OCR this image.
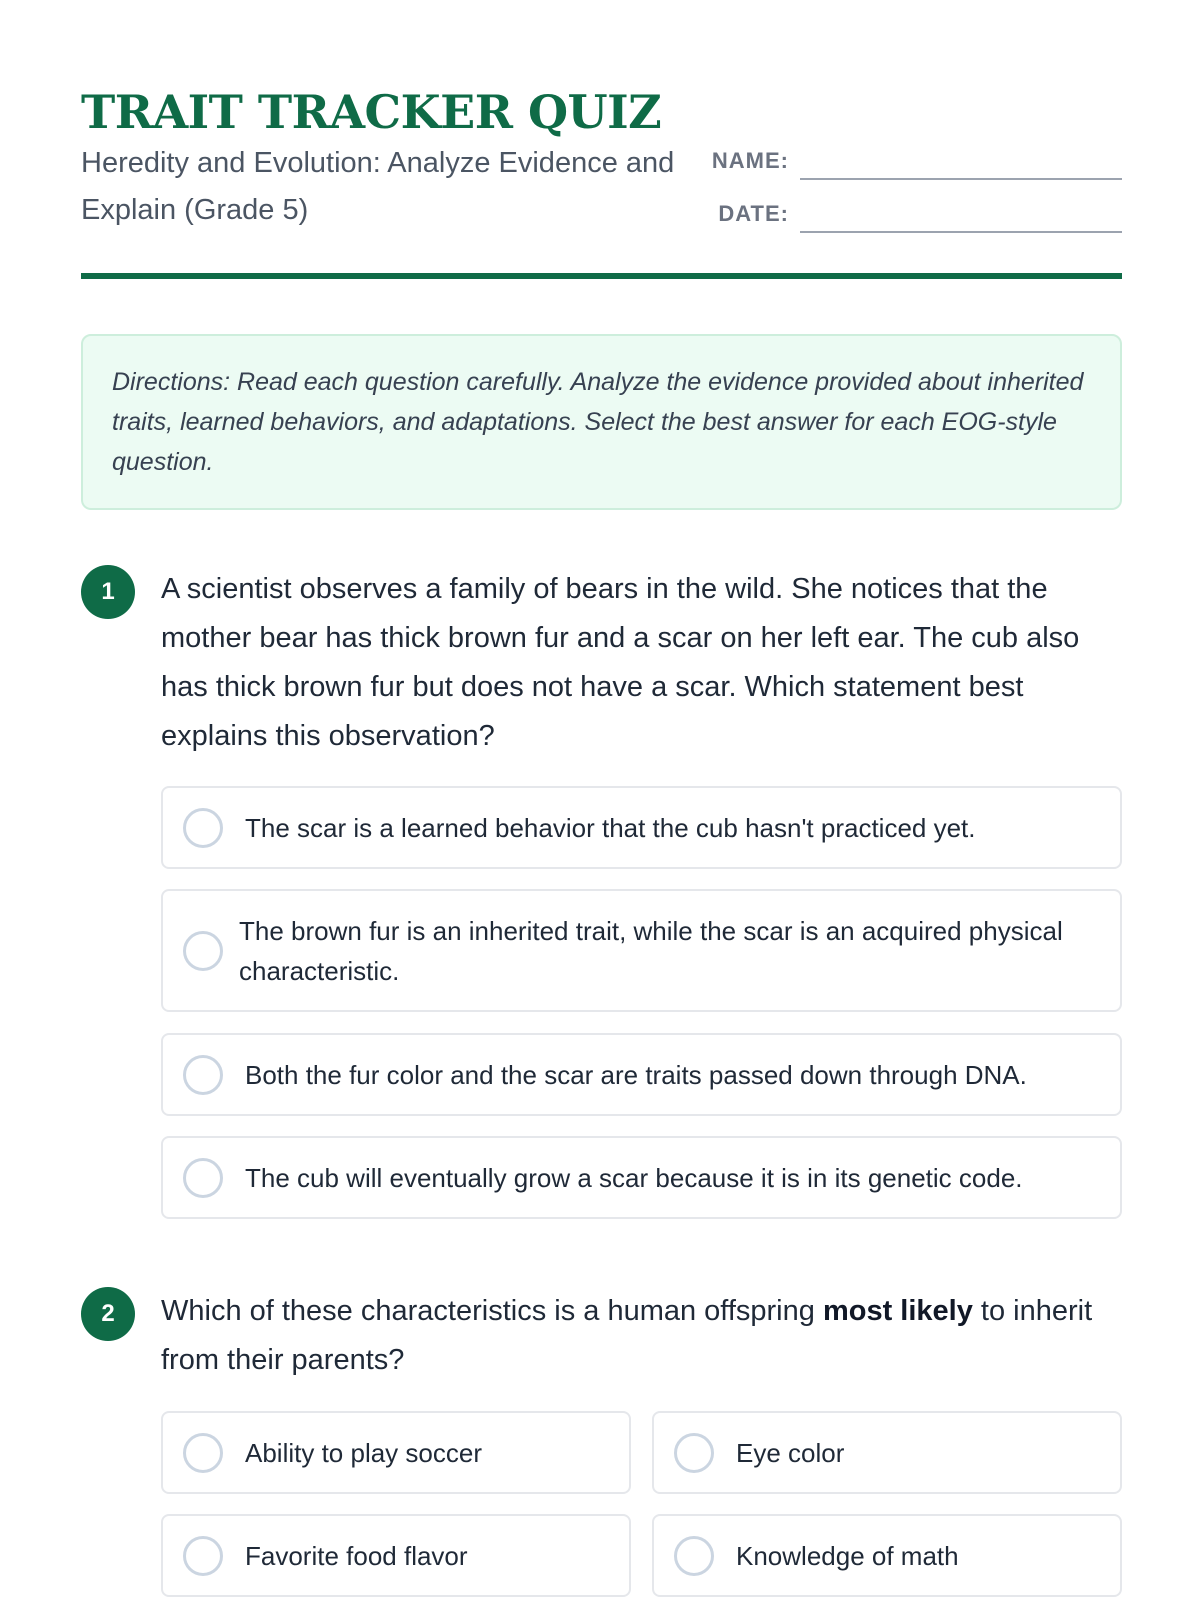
TRAIT TRACKER QUIZ

Heredity and Evolution: Analyze Evidence and Explain (Grade 5)

NAME:
DATE:
Directions: Read each question carefully. Analyze the evidence provided about inherited traits, learned behaviors, and adaptations. Select the best answer for each EOG-style question.
1	A scientist observes a family of bears in the wild. She notices that the mother bear has thick brown fur and a scar on her left ear. The cub also has thick brown fur but does not have a scar. Which statement best explains this observation?

The scar is a learned behavior that the cub hasn't practiced yet.
The brown fur is an inherited trait, while the scar is an acquired physical characteristic.
Both the fur color and the scar are traits passed down through DNA.
The cub will eventually grow a scar because it is in its genetic code.
2	Which of these characteristics is a human offspring most likely to inherit from their parents?

Ability to play soccer	Eye color
Favorite food flavor	Knowledge of math
